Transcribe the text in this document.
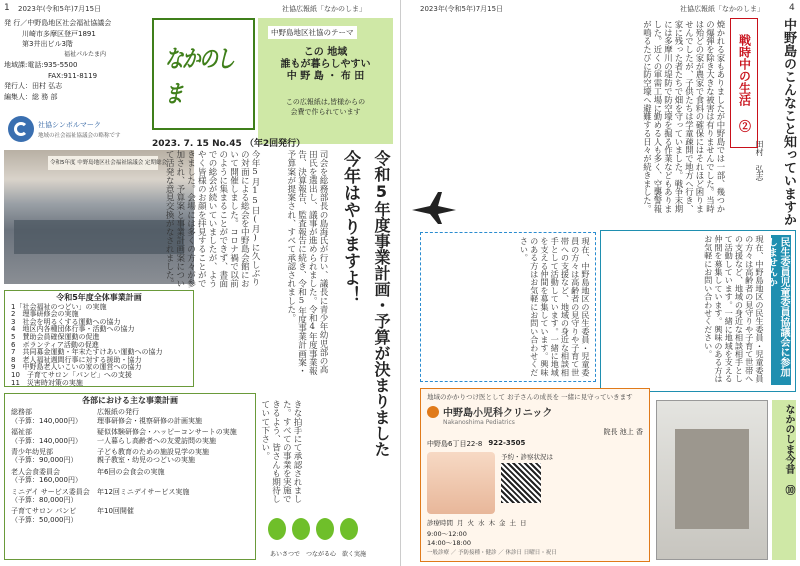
1 2023年(令和5年)7月15日	社協広報紙「なかのしま」	2023年(令和5年)7月15日	社協広報紙「なかのしま」	4
発 行／中野島地区社会福祉協議会
川崎市多摩区登戸1891
第3井出ビル3階
福祉パルたま内
地域課:電話:935-5500
FAX:911-8119
発行人：田村 弘志
編集人：総 務 部
社協シンボルマーク
地域の社会福祉協議会の略称です
なかのしま
中野島地区社協のテーマ
この 地域
誰もが暮らしやすい
中 野 島 ・ 布 田
この広報紙は,皆様からの
会費で作られています
2023. 7. 15 No.45 （年2回発行）
令和5年度 中野島地区社会福祉協議会 定期総会
令和5年度全体事業計画
1「社会福祉のつどい」の実施
2　理事研修会の実施
3　社会を明るくする運動への協力
4　地区内各種団体行事・活動への協力
5　賛助会員確保運動の促進
6　ボランティア活動の促進
7　共同募金運動・年末たすけあい運動への協力
8　老人福祉週間行事に対する援助・協力
9　中野島老人いこいの家の運営への協力
10　子育てサロン「パンビ」への支援
11　災害時対策の実施
各部における主な事業計画
総務部
（予算：140,000円）
広報紙の発行
理事研修会・視察研修の計画実施
福祉部
（予算：140,000円）
疑似体験研修会・ハッピーコンサートの実施
一人暮らし高齢者への友愛訪問の実施
青少年幼児部
（予算：90,000円）
子ども教育のための施設見学の実施
親子教室・幼児のつどいの実施
老人会食委員会
（予算：160,000円）
年6回の会食会の実施
ミニデイ サービス委員会
（予算：80,000円）
年12回ミニデイサービス実施
子育てサロン パンビ
（予算：50,000円）
年10回開催
今年5月15日(月)に久しぶりの対面による総会を中野島会館において開催しました。コロナ禍で以前のように集まることができず、書面での総会が続いていましたが、ようやく皆様のお顔を拝見することができました。会場には多くの方々が参加され、予算案と事業計画案について活発な意見交換がなされました。	司会を総務部長の島海氏が行い、議長に青少年幼児部の高田氏を選出し、議事が進められました。令和4年度事業報告、決算報告、監査報告に続き、令和5年度事業計画案・予算案が提案され、すべて承認されました。
きな拍手にて承認されました。すべての事業を実施できるよう、皆さんも期待していて下さい。
今年はやりますよ！ 令和5年度事業計画・予算が決まりました
あいさつで　つながる心　欲く実施
中野島のこんなこと知っていますか
田村 弘志
戦時中の生活 ②
焼かれる家もありましたが中野島では一部、幾つかの爆弾を除き大きな被害は有りませんでした。当時は殆どの家が農家で食料の確保にはそれほど困りませんでしたが、子供たちは学童疎開で地方へ行き、家に残った者たちで畑を守っていました。戦争末期には多摩川の堤防で防空壕を掘る作業などもありました。近くの軍需工場に勤める人も多く、空襲警報が鳴るたびに防空壕へ避難する日々が続きました。
民生委員児童委員協議会に参加しませんか
現在、中野島地区の民生委員・児童委員の方々は高齢者の見守りや子育て世帯への支援など、地域の身近な相談相手として活動しています。一緒に地域を支える仲間を募集しています。興味のある方はお気軽にお問い合わせください。
現在、中野島地区の民生委員・児童委員の方々は高齢者の見守りや子育て世帯への支援など、地域の身近な相談相手として活動しています。一緒に地域を支える仲間を募集しています。興味のある方はお気軽にお問い合わせください。
地域のかかりつけ医として お子さんの成長を 一緒に見守っていきます
中野島小児科クリニック
Nakanoshima Pediatrics
院長 池上 香
中野島6丁目22-8 922-3505
予約・診察状況は
診療時間 月 火 水 木 金 土 日
9:00〜12:00
14:00〜18:00
一般診療 ／ 予防接種・健診 ／ 休診日 日曜日・祝日
なかのしま今昔 ⑩
